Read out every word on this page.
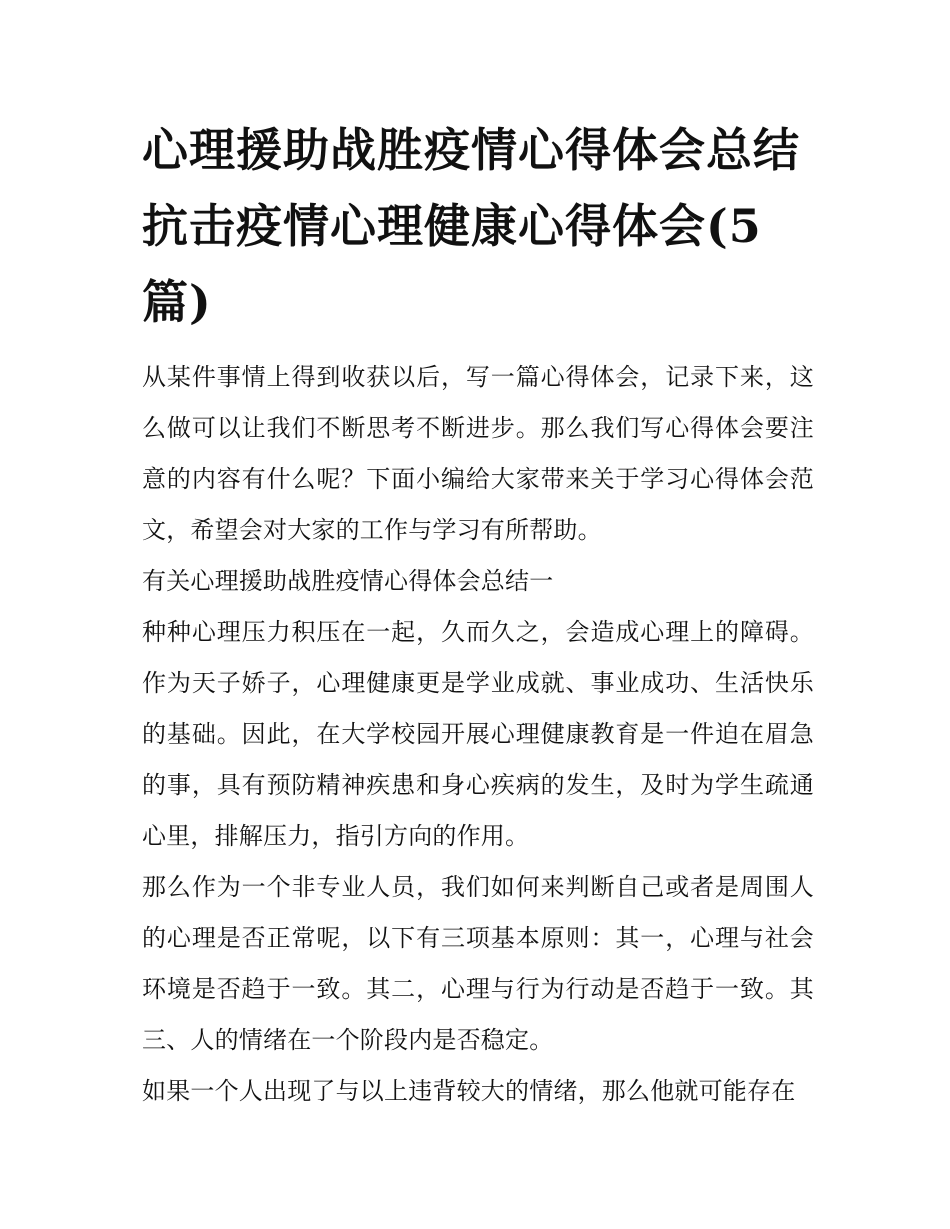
心理援助战胜疫情心得体会总结 抗击疫情心理健康心得体会(5篇)

从某件事情上得到收获以后，写一篇心得体会，记录下来，这么做可以让我们不断思考不断进步。那么我们写心得体会要注意的内容有什么呢？下面小编给大家带来关于学习心得体会范文，希望会对大家的工作与学习有所帮助。

有关心理援助战胜疫情心得体会总结一

种种心理压力积压在一起，久而久之，会造成心理上的障碍。作为天子娇子，心理健康更是学业成就、事业成功、生活快乐的基础。因此，在大学校园开展心理健康教育是一件迫在眉急的事，具有预防精神疾患和身心疾病的发生，及时为学生疏通心里，排解压力，指引方向的作用。

那么作为一个非专业人员，我们如何来判断自己或者是周围人的心理是否正常呢，以下有三项基本原则：其一，心理与社会环境是否趋于一致。其二，心理与行为行动是否趋于一致。其三、人的情绪在一个阶段内是否稳定。

如果一个人出现了与以上违背较大的情绪，那么他就可能存在
